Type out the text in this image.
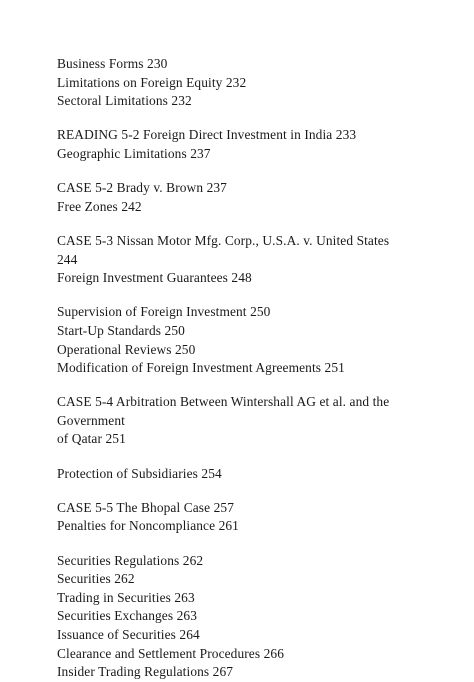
Business Forms 230
Limitations on Foreign Equity 232
Sectoral Limitations 232
READING 5-2 Foreign Direct Investment in India 233
Geographic Limitations 237
CASE 5-2 Brady v. Brown 237
Free Zones 242
CASE 5-3 Nissan Motor Mfg. Corp., U.S.A. v. United States
244
Foreign Investment Guarantees 248
Supervision of Foreign Investment 250
Start-Up Standards 250
Operational Reviews 250
Modification of Foreign Investment Agreements 251
CASE 5-4 Arbitration Between Wintershall AG et al. and the
Government
of Qatar 251
Protection of Subsidiaries 254
CASE 5-5 The Bhopal Case 257
Penalties for Noncompliance 261
Securities Regulations 262
Securities 262
Trading in Securities 263
Securities Exchanges 263
Issuance of Securities 264
Clearance and Settlement Procedures 266
Insider Trading Regulations 267
